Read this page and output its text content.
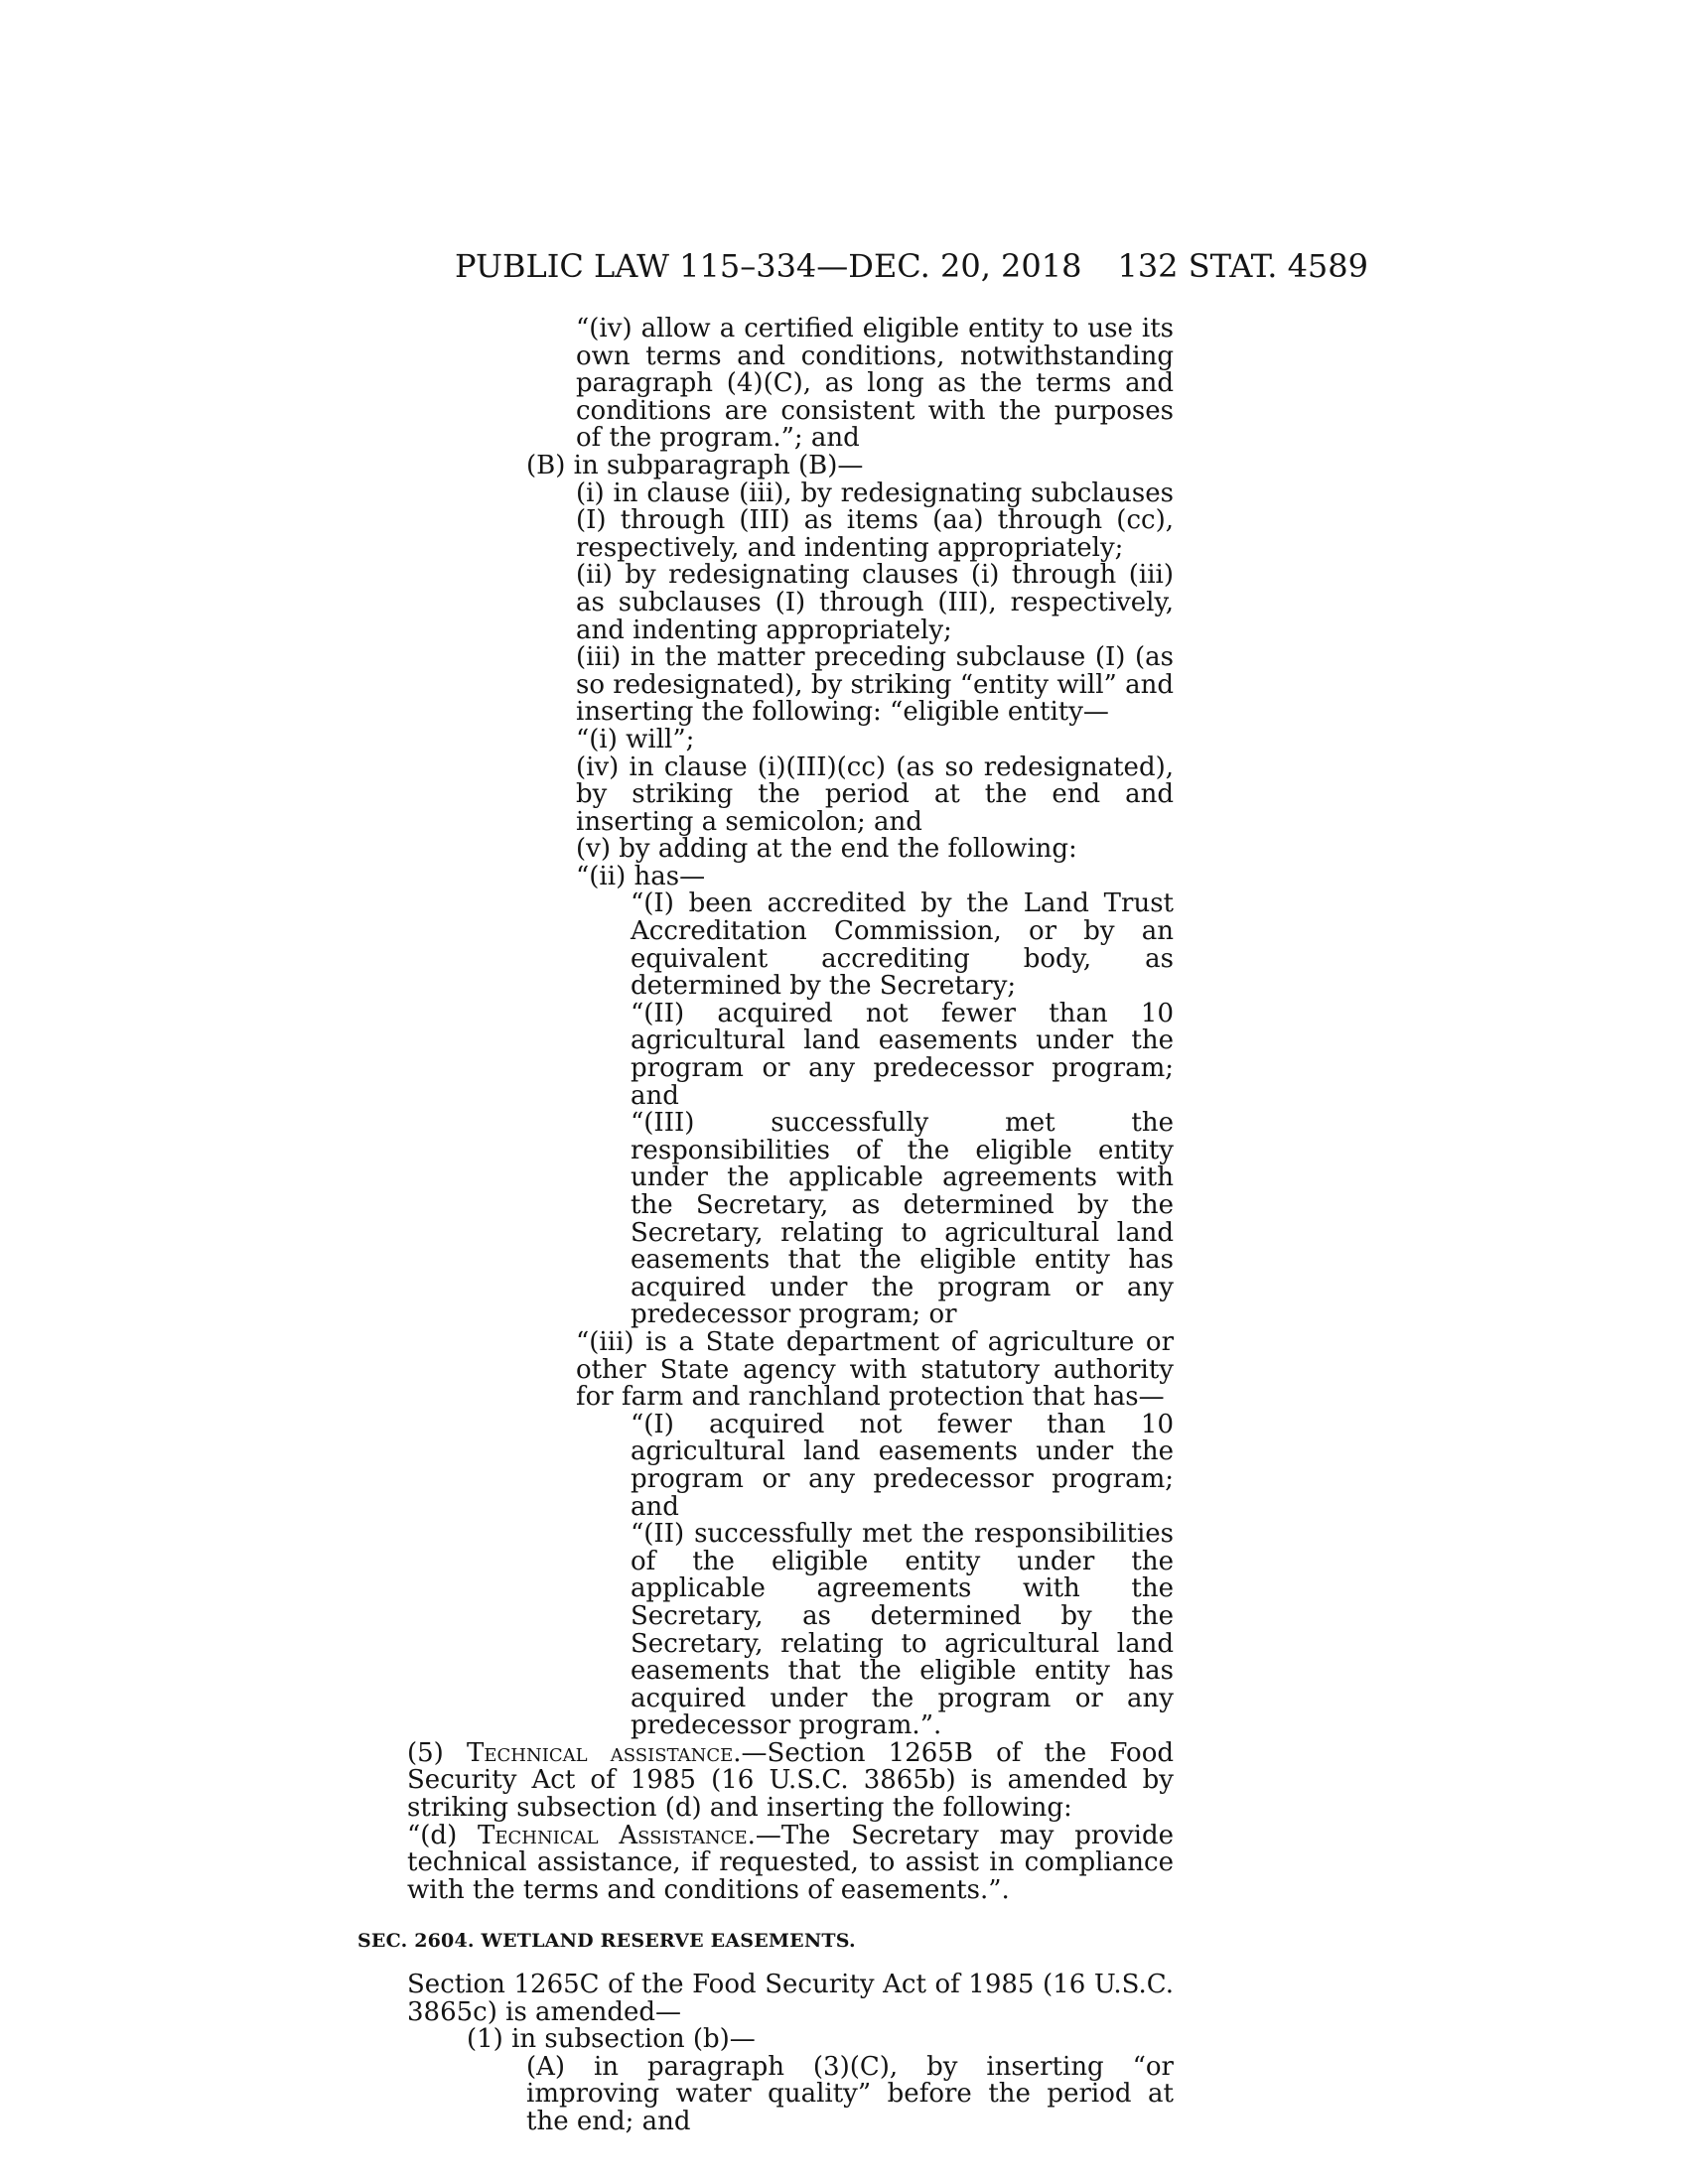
PUBLIC LAW 115–334—DEC. 20, 2018 132 STAT. 4589

“(iv) allow a certified eligible entity to use its own terms and conditions, notwithstanding paragraph (4)(C), as long as the terms and conditions are consistent with the purposes of the program.”; and

(B) in subparagraph (B)—

(i) in clause (iii), by redesignating subclauses (I) through (III) as items (aa) through (cc), respectively, and indenting appropriately;

(ii) by redesignating clauses (i) through (iii) as subclauses (I) through (III), respectively, and indenting appropriately;

(iii) in the matter preceding subclause (I) (as so redesignated), by striking “entity will” and inserting the following: “eligible entity—

“(i) will”;

(iv) in clause (i)(III)(cc) (as so redesignated), by striking the period at the end and inserting a semicolon; and

(v) by adding at the end the following:

“(ii) has—

“(I) been accredited by the Land Trust Accreditation Commission, or by an equivalent accrediting body, as determined by the Secretary;

“(II) acquired not fewer than 10 agricultural land easements under the program or any predecessor program; and

“(III) successfully met the responsibilities of the eligible entity under the applicable agreements with the Secretary, as determined by the Secretary, relating to agricultural land easements that the eligible entity has acquired under the program or any predecessor program; or

“(iii) is a State department of agriculture or other State agency with statutory authority for farm and ranchland protection that has—

“(I) acquired not fewer than 10 agricultural land easements under the program or any predecessor program; and

“(II) successfully met the responsibilities of the eligible entity under the applicable agreements with the Secretary, as determined by the Secretary, relating to agricultural land easements that the eligible entity has acquired under the program or any predecessor program.”.

(5) Technical assistance.—Section 1265B of the Food Security Act of 1985 (16 U.S.C. 3865b) is amended by striking subsection (d) and inserting the following:

“(d) Technical Assistance.—The Secretary may provide technical assistance, if requested, to assist in compliance with the terms and conditions of easements.”.

SEC. 2604. WETLAND RESERVE EASEMENTS.

Section 1265C of the Food Security Act of 1985 (16 U.S.C. 3865c) is amended—

(1) in subsection (b)—

(A) in paragraph (3)(C), by inserting “or improving water quality” before the period at the end; and
